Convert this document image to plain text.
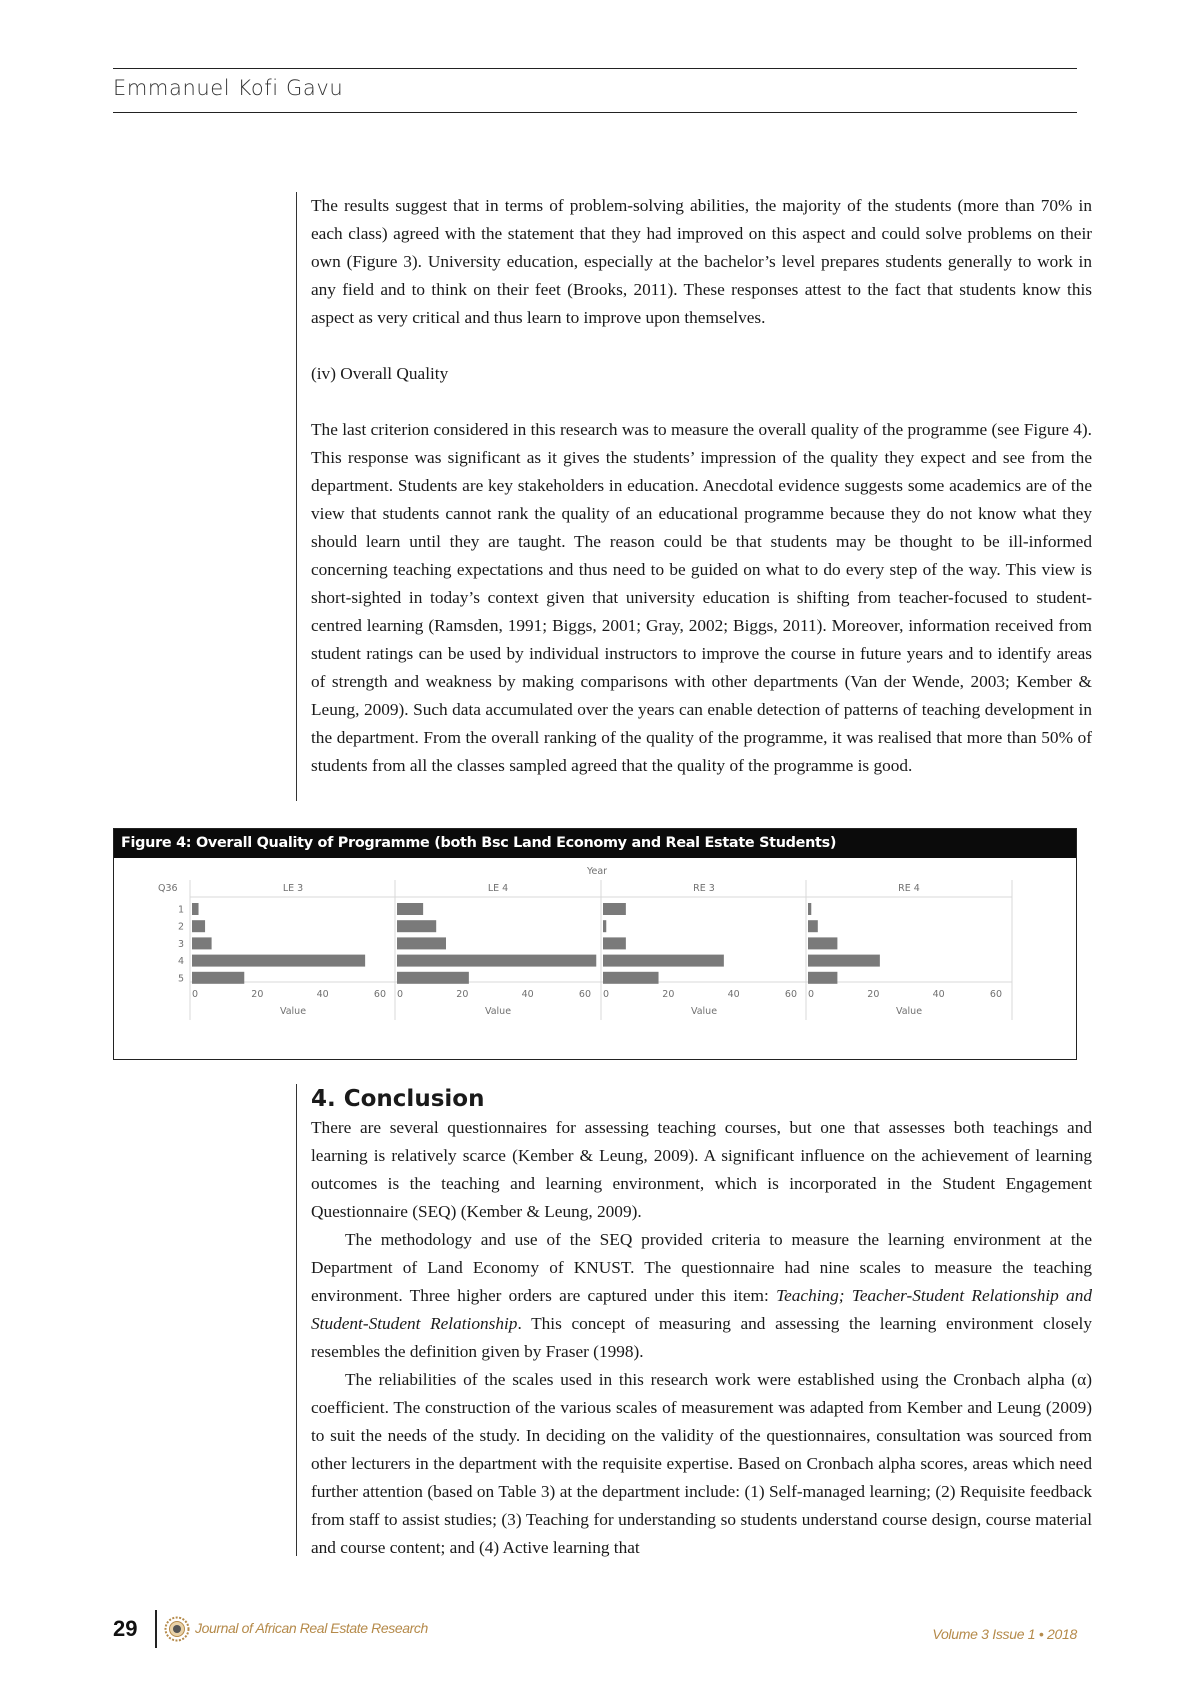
Emmanuel Kofi Gavu

The results suggest that in terms of problem-solving abilities, the majority of the students (more than 70% in each class) agreed with the statement that they had improved on this aspect and could solve problems on their own (Figure 3). University education, especially at the bachelor’s level prepares students generally to work in any field and to think on their feet (Brooks, 2011). These responses attest to the fact that students know this aspect as very critical and thus learn to improve upon themselves.

(iv) Overall Quality

The last criterion considered in this research was to measure the overall quality of the programme (see Figure 4). This response was significant as it gives the students’ impression of the quality they expect and see from the department. Students are key stakeholders in education. Anecdotal evidence suggests some academics are of the view that students cannot rank the quality of an educational programme because they do not know what they should learn until they are taught. The reason could be that students may be thought to be ill-informed concerning teaching expectations and thus need to be guided on what to do every step of the way. This view is short-sighted in today’s context given that university education is shifting from teacher-focused to student-centred learning (Ramsden, 1991; Biggs, 2001; Gray, 2002; Biggs, 2011). Moreover, information received from student ratings can be used by individual instructors to improve the course in future years and to identify areas of strength and weakness by making comparisons with other departments (Van der Wende, 2003; Kember & Leung, 2009). Such data accumulated over the years can enable detection of patterns of teaching development in the department. From the overall ranking of the quality of the programme, it was realised that more than 50% of students from all the classes sampled agreed that the quality of the programme is good.

Figure 4: Overall Quality of Programme (both Bsc Land Economy and Real Estate Students)
Year
Q36
1
2
3
4
5
LE 3
0	20	40	60
Value
LE 4
0	20	40	60
Value
RE 3
0	20	40	60
Value
RE 4
0	20	40	60
Value
4. Conclusion

There are several questionnaires for assessing teaching courses, but one that assesses both teachings and learning is relatively scarce (Kember & Leung, 2009). A significant influence on the achievement of learning outcomes is the teaching and learning environment, which is incorporated in the Student Engagement Questionnaire (SEQ) (Kember & Leung, 2009).

The methodology and use of the SEQ provided criteria to measure the learning environment at the Department of Land Economy of KNUST. The questionnaire had nine scales to measure the teaching environment. Three higher orders are captured under this item: Teaching; Teacher-Student Relationship and Student-Student Relationship. This concept of measuring and assessing the learning environment closely resembles the definition given by Fraser (1998).

The reliabilities of the scales used in this research work were established using the Cronbach alpha (α) coefficient. The construction of the various scales of measurement was adapted from Kember and Leung (2009) to suit the needs of the study. In deciding on the validity of the questionnaires, consultation was sourced from other lecturers in the department with the requisite expertise. Based on Cronbach alpha scores, areas which need further attention (based on Table 3) at the department include: (1) Self-managed learning; (2) Requisite feedback from staff to assist studies; (3) Teaching for understanding so students understand course design, course material and course content; and (4) Active learning that

29	Journal of African Real Estate Research	Volume 3 Issue 1 • 2018
